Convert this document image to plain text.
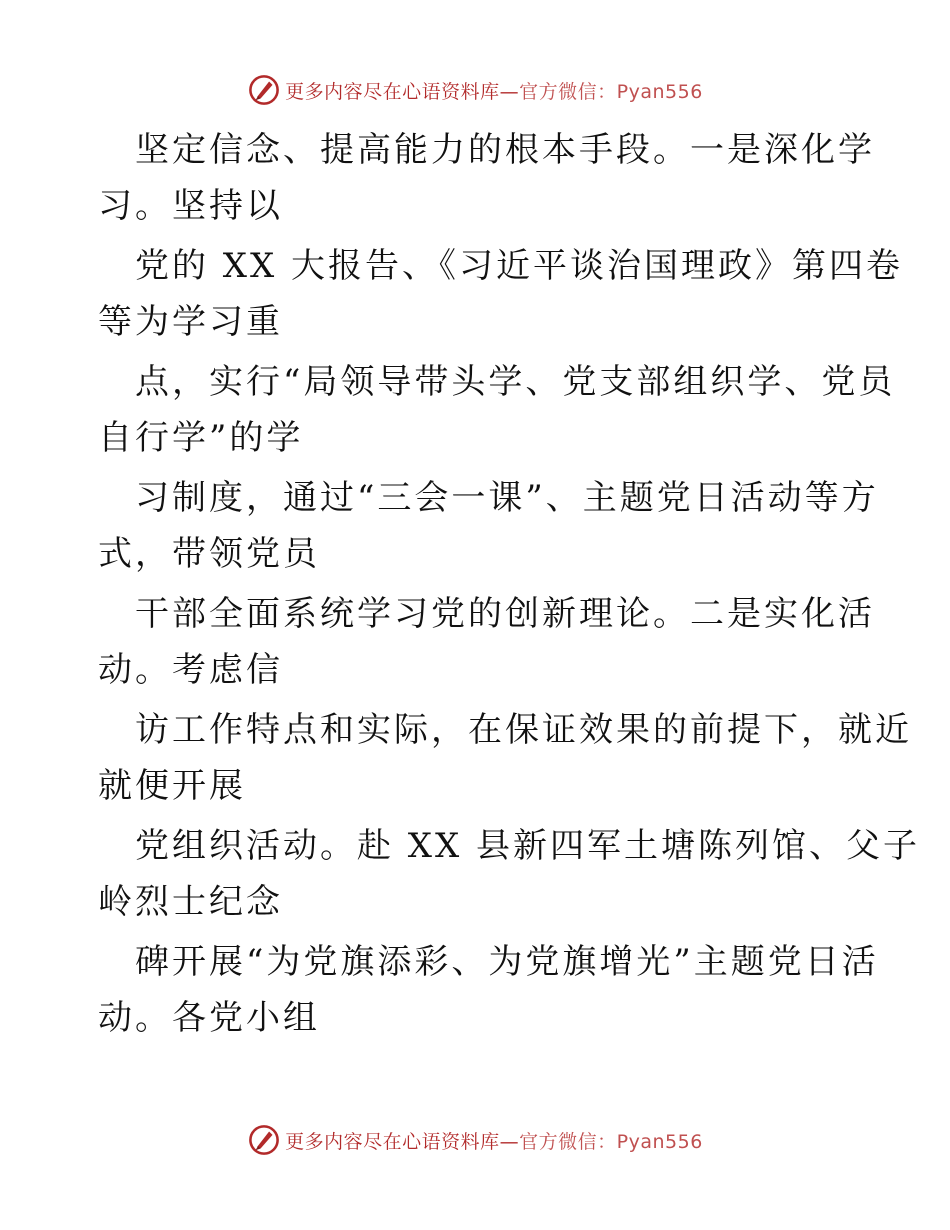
更多内容尽在心语资料库—官方微信：Pyan556
坚定信念、提高能力的根本手段。一是深化学
习。坚持以
党的 XX 大报告、《习近平谈治国理政》第四卷
等为学习重
点，实行“局领导带头学、党支部组织学、党员
自行学”的学
习制度，通过“三会一课”、主题党日活动等方
式，带领党员
干部全面系统学习党的创新理论。二是实化活
动。考虑信
访工作特点和实际，在保证效果的前提下，就近
就便开展
党组织活动。赴 XX 县新四军土塘陈列馆、父子
岭烈士纪念
碑开展“为党旗添彩、为党旗增光”主题党日活
动。各党小组
更多内容尽在心语资料库—官方微信：Pyan556
